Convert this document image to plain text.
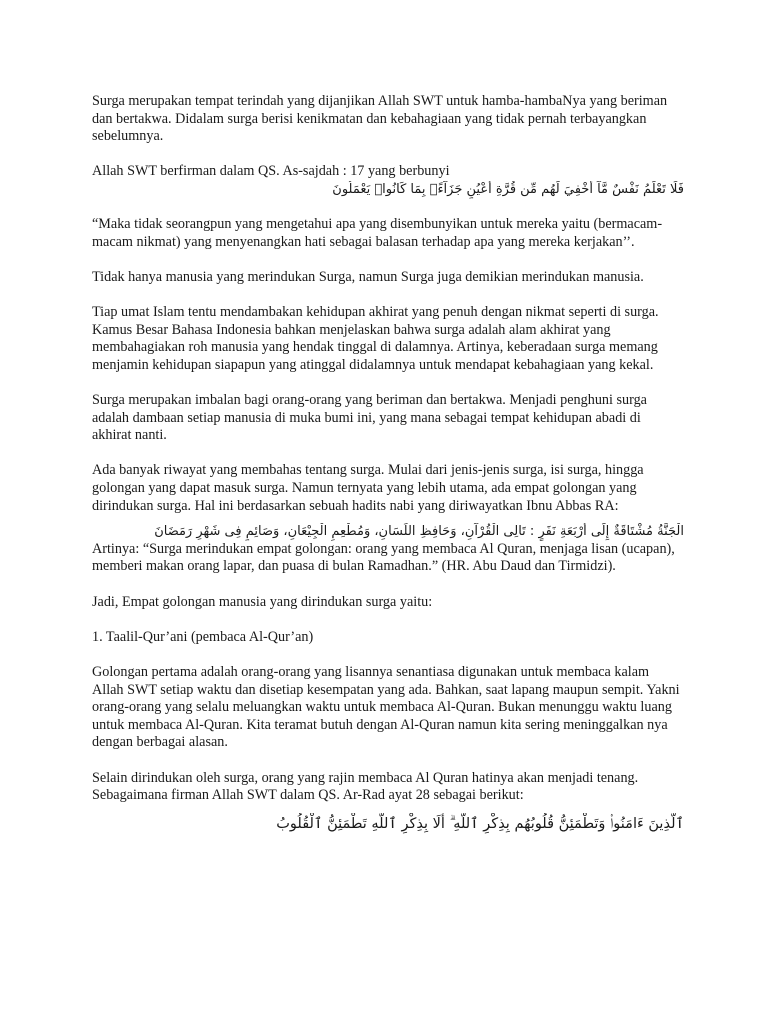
Surga merupakan tempat terindah yang dijanjikan Allah SWT untuk hamba-hambaNya yang beriman dan bertakwa. Didalam surga berisi kenikmatan dan kebahagiaan yang tidak pernah terbayangkan sebelumnya.

Allah SWT berfirman dalam QS. As-sajdah : 17 yang berbunyi

فَلَا تَعْلَمُ نَفْسٌ مَّآ أُخْفِيَ لَهُم مِّن قُرَّةِ أَعْيُنٍ جَزَآءًۢ بِمَا كَانُوا۟ يَعْمَلُونَ

“Maka tidak seorangpun yang mengetahui apa yang disembunyikan untuk mereka yaitu (bermacam-macam nikmat) yang menyenangkan hati sebagai balasan terhadap apa yang mereka kerjakan’’.

Tidak hanya manusia yang merindukan Surga, namun Surga juga demikian merindukan manusia.

Tiap umat Islam tentu mendambakan kehidupan akhirat yang penuh dengan nikmat seperti di surga. Kamus Besar Bahasa Indonesia bahkan menjelaskan bahwa surga adalah alam akhirat yang membahagiakan roh manusia yang hendak tinggal di dalamnya. Artinya, keberadaan surga memang menjamin kehidupan siapapun yang atinggal didalamnya untuk mendapat kebahagiaan yang kekal.

Surga merupakan imbalan bagi orang-orang yang beriman dan bertakwa. Menjadi penghuni surga adalah dambaan setiap manusia di muka bumi ini, yang mana sebagai tempat kehidupan abadi di akhirat nanti.

Ada banyak riwayat yang membahas tentang surga. Mulai dari jenis-jenis surga, isi surga, hingga golongan yang dapat masuk surga. Namun ternyata yang lebih utama, ada empat golongan yang dirindukan surga. Hal ini berdasarkan sebuah hadits nabi yang diriwayatkan Ibnu Abbas RA:

الْجَنَّةُ مُشْتَاقَةٌ إِلَى أَرْبَعَةِ نَفَرٍ : تَالِى الْقُرْآنِ، وَحَافِظِ اللِّسَانِ، وَمُطْعِمِ الْجِيْعَانِ، وَصَائِمٍ فِى شَهْرِ رَمَضَانَ

Artinya: “Surga merindukan empat golongan: orang yang membaca Al Quran, menjaga lisan (ucapan), memberi makan orang lapar, dan puasa di bulan Ramadhan.” (HR. Abu Daud dan Tirmidzi).

Jadi, Empat golongan manusia yang dirindukan surga yaitu:

1. Taalil-Qur’ani (pembaca Al-Qur’an)

Golongan pertama adalah orang-orang yang lisannya senantiasa digunakan untuk membaca kalam Allah SWT setiap waktu dan disetiap kesempatan yang ada. Bahkan, saat lapang maupun sempit. Yakni orang-orang yang selalu meluangkan waktu untuk membaca Al-Quran. Bukan menunggu waktu luang untuk membaca Al-Quran. Kita teramat butuh dengan Al-Quran namun kita sering meninggalkan nya dengan berbagai alasan.

Selain dirindukan oleh surga, orang yang rajin membaca Al Quran hatinya akan menjadi tenang. Sebagaimana firman Allah SWT dalam QS. Ar-Rad ayat 28 sebagai berikut:

ٱلَّذِينَ ءَامَنُوا۟ وَتَطْمَئِنُّ قُلُوبُهُم بِذِكْرِ ٱللَّهِ ۗ أَلَا بِذِكْرِ ٱللَّهِ تَطْمَئِنُّ ٱلْقُلُوبُ
